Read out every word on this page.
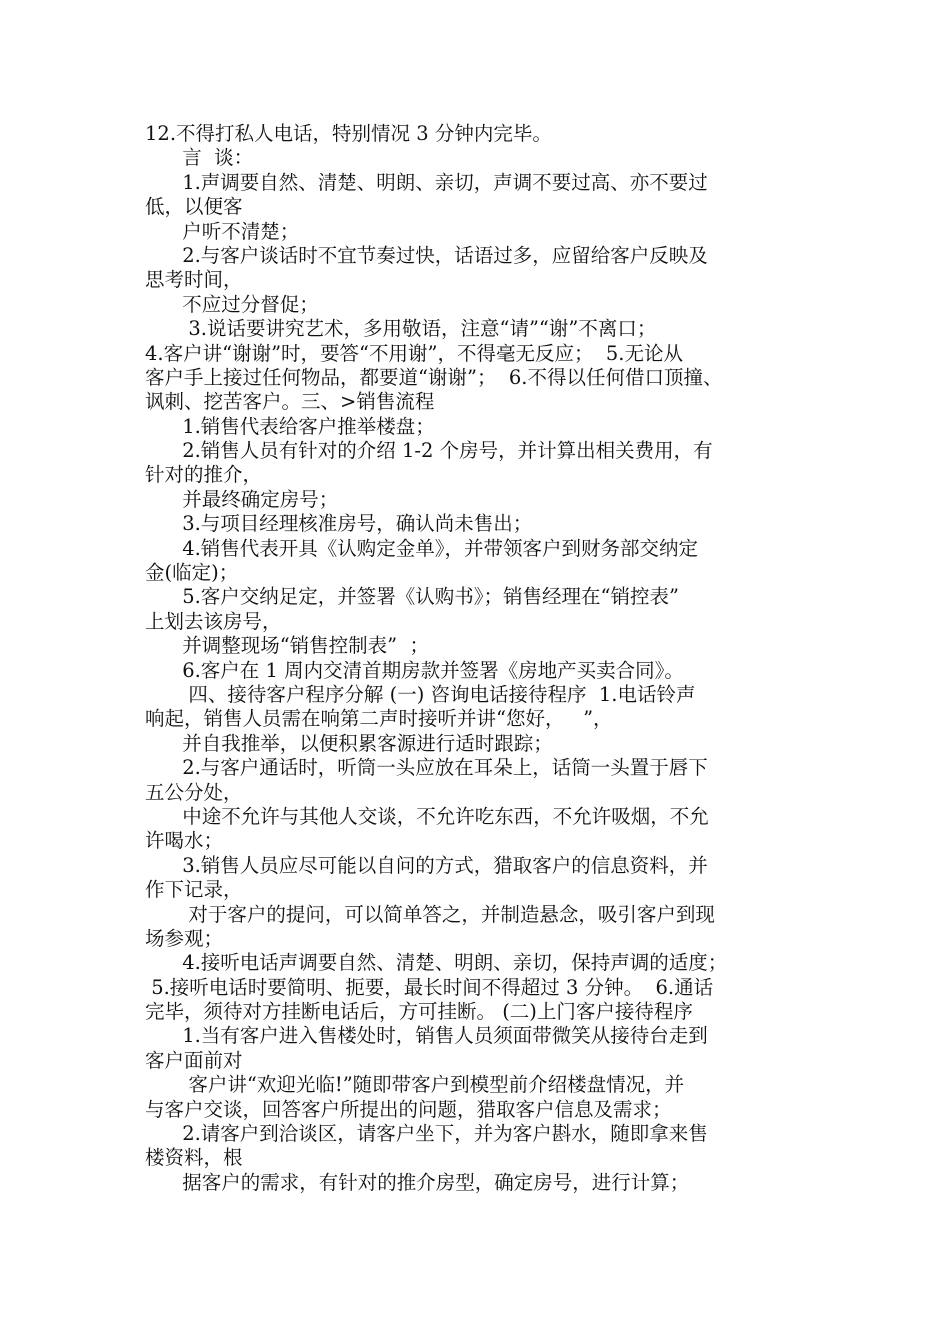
12.不得打私人电话，特别情况 3 分钟内完毕。
言  谈：
1.声调要自然、清楚、明朗、亲切，声调不要过高、亦不要过
低，以便客
户听不清楚；
2.与客户谈话时不宜节奏过快，话语过多，应留给客户反映及
思考时间，
不应过分督促；
3.说话要讲究艺术，多用敬语，注意“请”“谢”不离口；
4.客户讲“谢谢”时，要答“不用谢”，不得毫无反应；  5.无论从
客户手上接过任何物品，都要道“谢谢”；  6.不得以任何借口顶撞、
讽刺、挖苦客户。三、>销售流程
1.销售代表给客户推举楼盘；
2.销售人员有针对的介绍 1-2 个房号，并计算出相关费用，有
针对的推介，
并最终确定房号；
3.与项目经理核准房号，确认尚未售出；
4.销售代表开具《认购定金单》，并带领客户到财务部交纳定
金(临定)；
5.客户交纳足定，并签署《认购书》；销售经理在“销控表”
上划去该房号，
并调整现场“销售控制表”  ；
6.客户在 1 周内交清首期房款并签署《房地产买卖合同》。
四、接待客户程序分解 (一) 咨询电话接待程序  1.电话铃声
响起，销售人员需在响第二声时接听并讲“您好，   ”，
并自我推举，以便积累客源进行适时跟踪；
2.与客户通话时，听筒一头应放在耳朵上，话筒一头置于唇下
五公分处，
中途不允许与其他人交谈，不允许吃东西，不允许吸烟，不允
许喝水；
3.销售人员应尽可能以自问的方式，猎取客户的信息资料，并
作下记录，
对于客户的提问，可以简单答之，并制造悬念，吸引客户到现
场参观；
4.接听电话声调要自然、清楚、明朗、亲切，保持声调的适度；
5.接听电话时要简明、扼要，最长时间不得超过 3 分钟。  6.通话
完毕，须待对方挂断电话后，方可挂断。 (二)上门客户接待程序
1.当有客户进入售楼处时，销售人员须面带微笑从接待台走到
客户面前对
客户讲“欢迎光临!”随即带客户到模型前介绍楼盘情况，并
与客户交谈，回答客户所提出的问题，猎取客户信息及需求；
2.请客户到洽谈区，请客户坐下，并为客户斟水，随即拿来售
楼资料，根
据客户的需求，有针对的推介房型，确定房号，进行计算；
